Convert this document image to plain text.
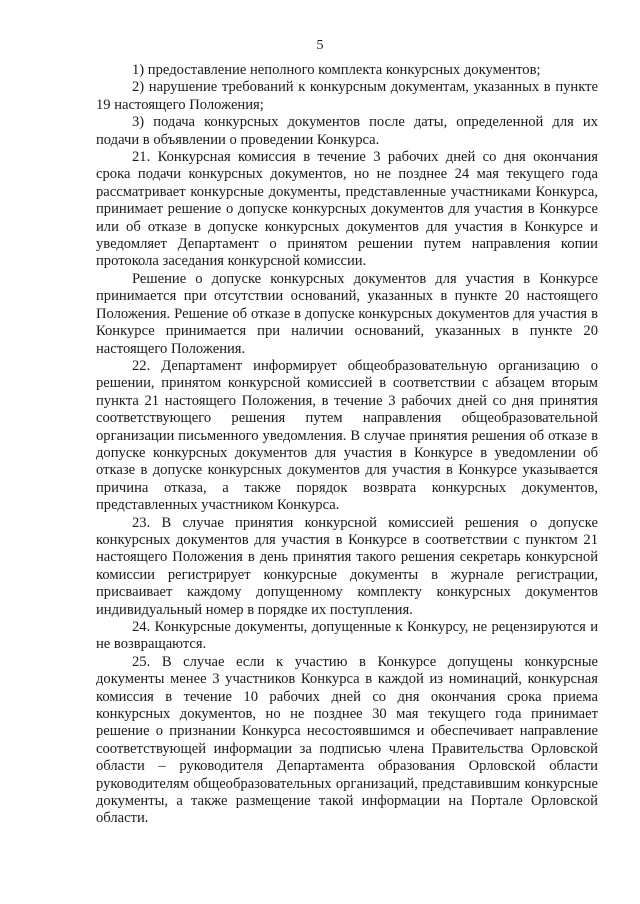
5

1) предоставление неполного комплекта конкурсных документов;

2) нарушение требований к конкурсным документам, указанных в пункте 19 настоящего Положения;

3) подача конкурсных документов после даты, определенной для их подачи в объявлении о проведении Конкурса.

21. Конкурсная комиссия в течение 3 рабочих дней со дня окончания срока подачи конкурсных документов, но не позднее 24 мая текущего года рассматривает конкурсные документы, представленные участниками Конкурса, принимает решение о допуске конкурсных документов для участия в Конкурсе или об отказе в допуске конкурсных документов для участия в Конкурсе и уведомляет Департамент о принятом решении путем направления копии протокола заседания конкурсной комиссии.

Решение о допуске конкурсных документов для участия в Конкурсе принимается при отсутствии оснований, указанных в пункте 20 настоящего Положения. Решение об отказе в допуске конкурсных документов для участия в Конкурсе принимается при наличии оснований, указанных в пункте 20 настоящего Положения.

22. Департамент информирует общеобразовательную организацию о решении, принятом конкурсной комиссией в соответствии с абзацем вторым пункта 21 настоящего Положения, в течение 3 рабочих дней со дня принятия соответствующего решения путем направления общеобразовательной организации письменного уведомления. В случае принятия решения об отказе в допуске конкурсных документов для участия в Конкурсе в уведомлении об отказе в допуске конкурсных документов для участия в Конкурсе указывается причина отказа, а также порядок возврата конкурсных документов, представленных участником Конкурса.

23. В случае принятия конкурсной комиссией решения о допуске конкурсных документов для участия в Конкурсе в соответствии с пунктом 21 настоящего Положения в день принятия такого решения секретарь конкурсной комиссии регистрирует конкурсные документы в журнале регистрации, присваивает каждому допущенному комплекту конкурсных документов индивидуальный номер в порядке их поступления.

24. Конкурсные документы, допущенные к Конкурсу, не рецензируются и не возвращаются.

25. В случае если к участию в Конкурсе допущены конкурсные документы менее 3 участников Конкурса в каждой из номинаций, конкурсная комиссия в течение 10 рабочих дней со дня окончания срока приема конкурсных документов, но не позднее 30 мая текущего года принимает решение о признании Конкурса несостоявшимся и обеспечивает направление соответствующей информации за подписью члена Правительства Орловской области – руководителя Департамента образования Орловской области руководителям общеобразовательных организаций, представившим конкурсные документы, а также размещение такой информации на Портале Орловской области.
